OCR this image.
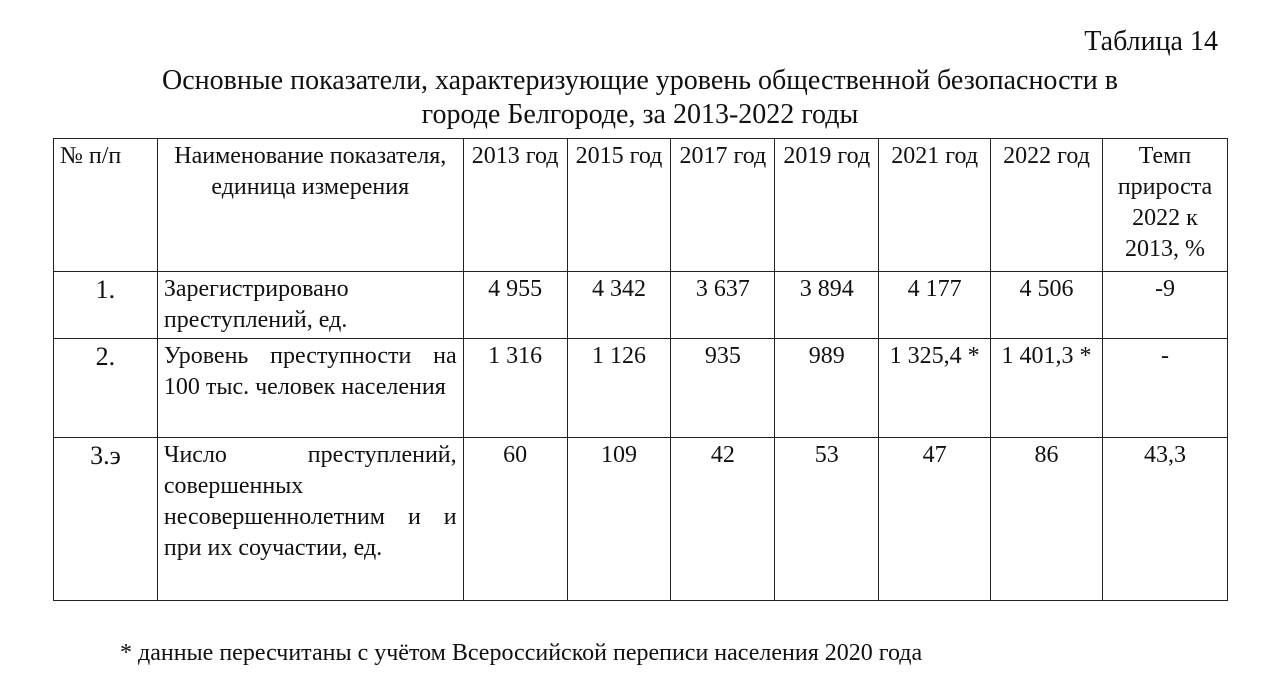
Таблица 14
Основные показатели, характеризующие уровень общественной безопасности в
городе Белгороде, за 2013-2022 годы
№ п/п	Наименование показателя, единица измерения	2013 год	2015 год	2017 год	2019 год	2021 год	2022 год	Темп прироста 2022 к 2013, %
1.	Зарегистрировано преступлений, ед.	4 955	4 342	3 637	3 894	4 177	4 506	-9
2.	Уровень преступности на 100 тыс. человек населения	1 316	1 126	935	989	1 325,4 *	1 401,3 *	-
3.э	Число преступлений, совершенных несовершеннолетним и и при их соучастии, ед.	60	109	42	53	47	86	43,3
* данные пересчитаны с учётом Всероссийской переписи населения 2020 года
